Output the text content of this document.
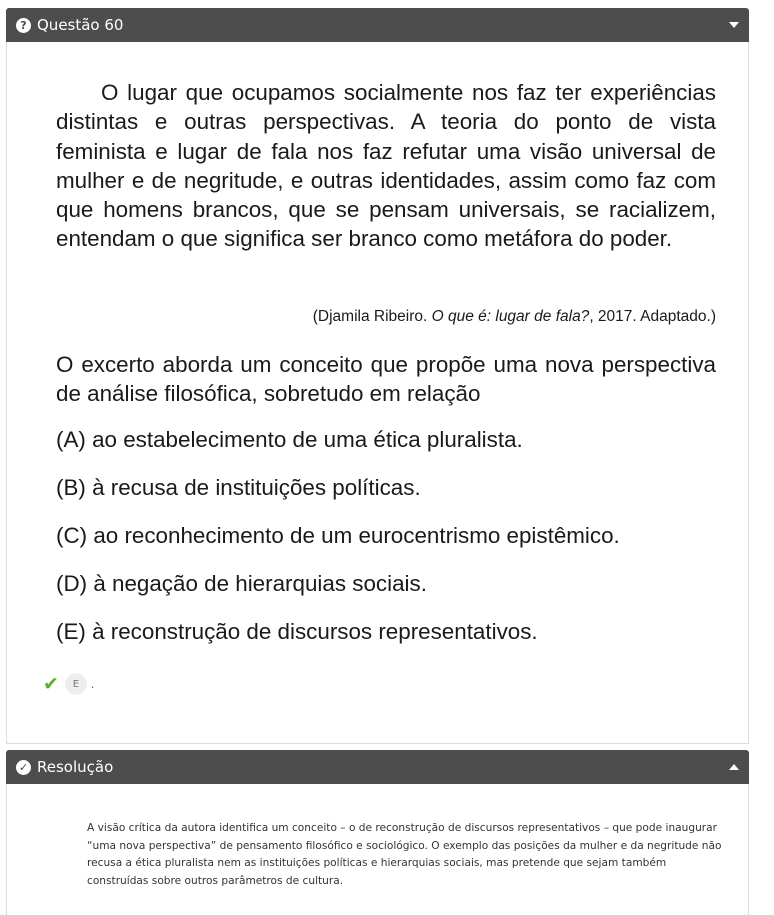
? Questão 60

O lugar que ocupamos socialmente nos faz ter experiências distintas e outras perspectivas. A teoria do ponto de vista feminista e lugar de fala nos faz refutar uma visão universal de mulher e de negritude, e outras identidades, assim como faz com que homens brancos, que se pensam universais, se racializem, entendam o que significa ser branco como metáfora do poder.

(Djamila Ribeiro. O que é: lugar de fala?, 2017. Adaptado.)

O excerto aborda um conceito que propõe uma nova perspectiva de análise filosófica, sobretudo em relação

(A) ao estabelecimento de uma ética pluralista.
(B) à recusa de instituições políticas.
(C) ao reconhecimento de um eurocentrismo epistêmico.
(D) à negação de hierarquias sociais.
(E) à reconstrução de discursos representativos.
✔	E	.
✓ Resolução

A visão crítica da autora identifica um conceito – o de reconstrução de discursos representativos – que pode inaugurar “uma nova perspectiva” de pensamento filosófico e sociológico. O exemplo das posições da mulher e da negritude não recusa a ética pluralista nem as instituições políticas e hierarquias sociais, mas pretende que sejam também construídas sobre outros parâmetros de cultura.
